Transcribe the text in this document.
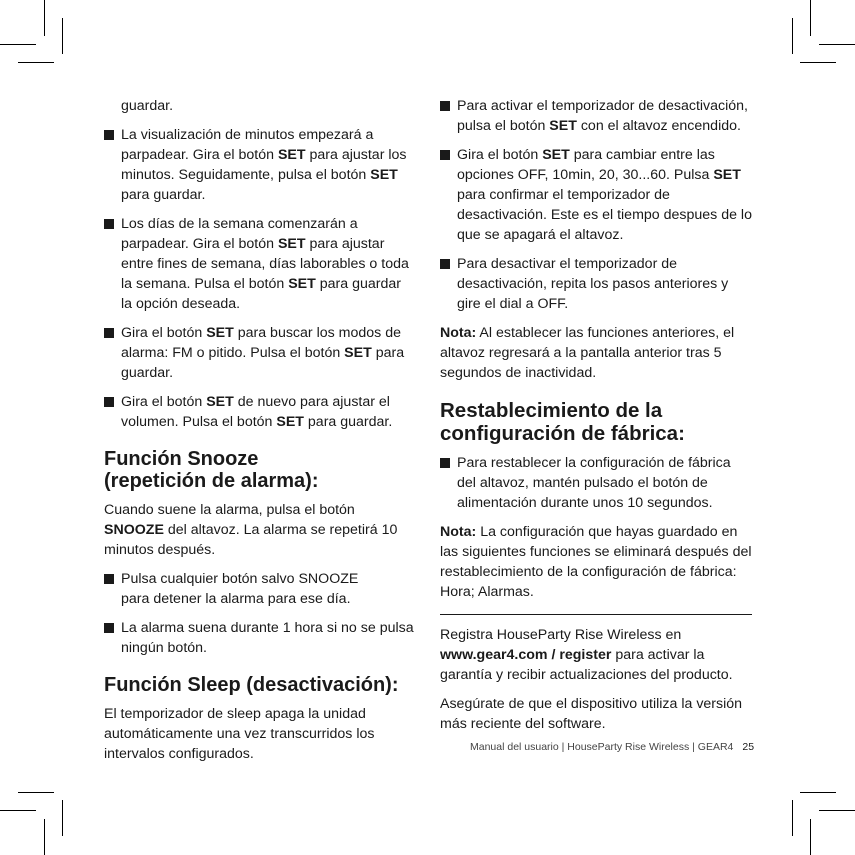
guardar.
La visualización de minutos empezará a parpadear. Gira el botón SET para ajustar los minutos. Seguidamente, pulsa el botón SET para guardar.
Los días de la semana comenzarán a parpadear. Gira el botón SET para ajustar entre fines de semana, días laborables o toda la semana. Pulsa el botón SET para guardar la opción deseada.
Gira el botón SET para buscar los modos de alarma: FM o pitido. Pulsa el botón SET para guardar.
Gira el botón SET de nuevo para ajustar el volumen. Pulsa el botón SET para guardar.
Función Snooze
(repetición de alarma):

Cuando suene la alarma, pulsa el botón SNOOZE del altavoz. La alarma se repetirá 10 minutos después.

Pulsa cualquier botón salvo SNOOZE
para detener la alarma para ese día.
La alarma suena durante 1 hora si no se pulsa ningún botón.
Función Sleep (desactivación):

El temporizador de sleep apaga la unidad automáticamente una vez transcurridos los intervalos configurados.

Para activar el temporizador de desactivación, pulsa el botón SET con el altavoz encendido.
Gira el botón SET para cambiar entre las opciones OFF, 10min, 20, 30...60. Pulsa SET para confirmar el temporizador de desactivación. Este es el tiempo despues de lo que se apagará el altavoz.
Para desactivar el temporizador de desactivación, repita los pasos anteriores y gire el dial a OFF.

Nota: Al establecer las funciones anteriores, el altavoz regresará a la pantalla anterior tras 5 segundos de inactividad.

Restablecimiento de la
configuración de fábrica:
Para restablecer la configuración de fábrica del altavoz, mantén pulsado el botón de alimentación durante unos 10 segundos.

Nota: La configuración que hayas guardado en las siguientes funciones se eliminará después del restablecimiento de la configuración de fábrica: Hora; Alarmas.

Registra HouseParty Rise Wireless en www.gear4.com / register para activar la garantía y recibir actualizaciones del producto.

Asegúrate de que el dispositivo utiliza la versión más reciente del software.

Manual del usuario | HouseParty Rise Wireless | GEAR4 25
